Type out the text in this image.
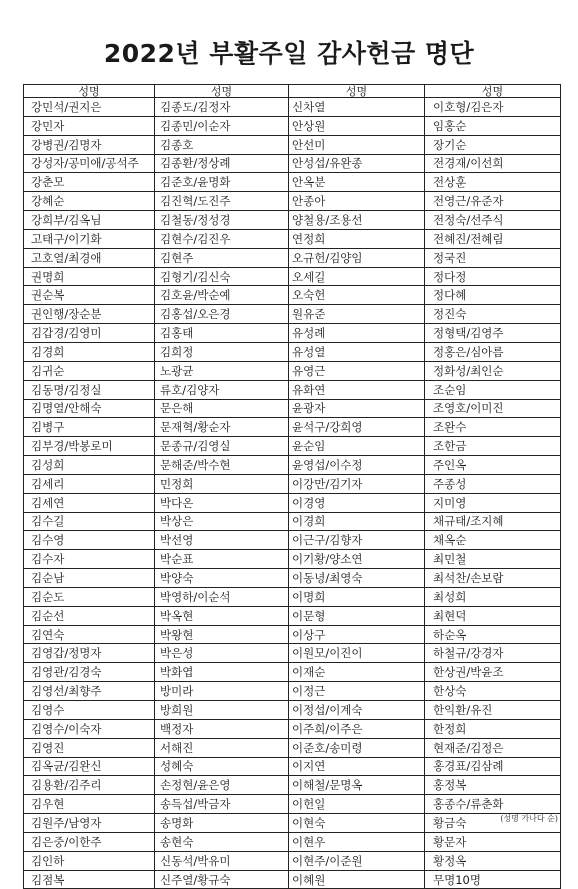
2022년 부활주일 감사헌금 명단
성명	성명	성명	성명
강민석/권지은	김종도/김정자	신차열	이호형/김은자
강민자	김종민/이순자	안상원	임홍순
강병권/김명자	김종호	안선미	장기순
강성자/공미애/공석주	김종환/정상례	안성섭/유완종	전경재/이선희
강춘모	김준호/윤명화	안옥분	전상훈
강혜순	김진혁/도진주	안종아	전영근/유준자
강희부/김옥님	김철동/정성경	양철용/조용선	전정숙/선주식
고태구/이기화	김현수/김진우	연정희	전혜진/전혜림
고호열/최경애	김현주	오규헌/김양임	정국진
권명희	김형기/김신숙	오세길	정다정
권순복	김호윤/박순예	오숙헌	정다혜
권인행/장순분	김홍섭/오은경	원유준	정진숙
김갑경/김영미	김홍태	유성례	정형택/김영주
김경희	김희정	유성열	정홍은/심아름
김귀순	노광균	유영근	정화성/최인순
김동명/김정실	류호/김양자	유화연	조순임
김명열/안해숙	문은해	윤광자	조영호/이미진
김병구	문재혁/황순자	윤석구/강희영	조완수
김부경/박봉로미	문종규/김영실	윤순임	조한금
김성희	문해준/박수현	윤영섭/이수정	주인옥
김세리	민정희	이강만/김기자	주종성
김세연	박다온	이경영	지미영
김수길	박상은	이경희	채규태/조지혜
김수영	박선영	이근구/김향자	채옥순
김수자	박순표	이기황/양소연	최민철
김순남	박양숙	이동녕/최영숙	최석찬/손보람
김순도	박영하/이순석	이명희	최성희
김순선	박옥현	이문형	최현덕
김연숙	박왕현	이상구	하순옥
김영갑/정명자	박은성	이원모/이진이	하철규/강경자
김영관/김경숙	박화엽	이재순	한상권/박윤조
김영선/최향주	방미라	이정근	한상숙
김영수	방희원	이정섭/이계숙	한익환/유진
김영수/이숙자	백정자	이주희/이주은	한정희
김영진	서해진	이준호/송미령	현재준/김정은
김옥균/김완신	성혜숙	이지연	홍경표/김삼례
김용환/김주리	손정현/윤은영	이해철/문명옥	홍정복
김우현	송득섭/박금자	이헌일	홍종수/류춘화
김원주/남영자	송명화	이현숙	황금숙
김은중/이한주	송현숙	이현우	황문자
김인하	신동석/박유미	이현주/이준원	황정옥
김점복	신주열/황규숙	이혜원	무명10명
(성명 가나다 순)
